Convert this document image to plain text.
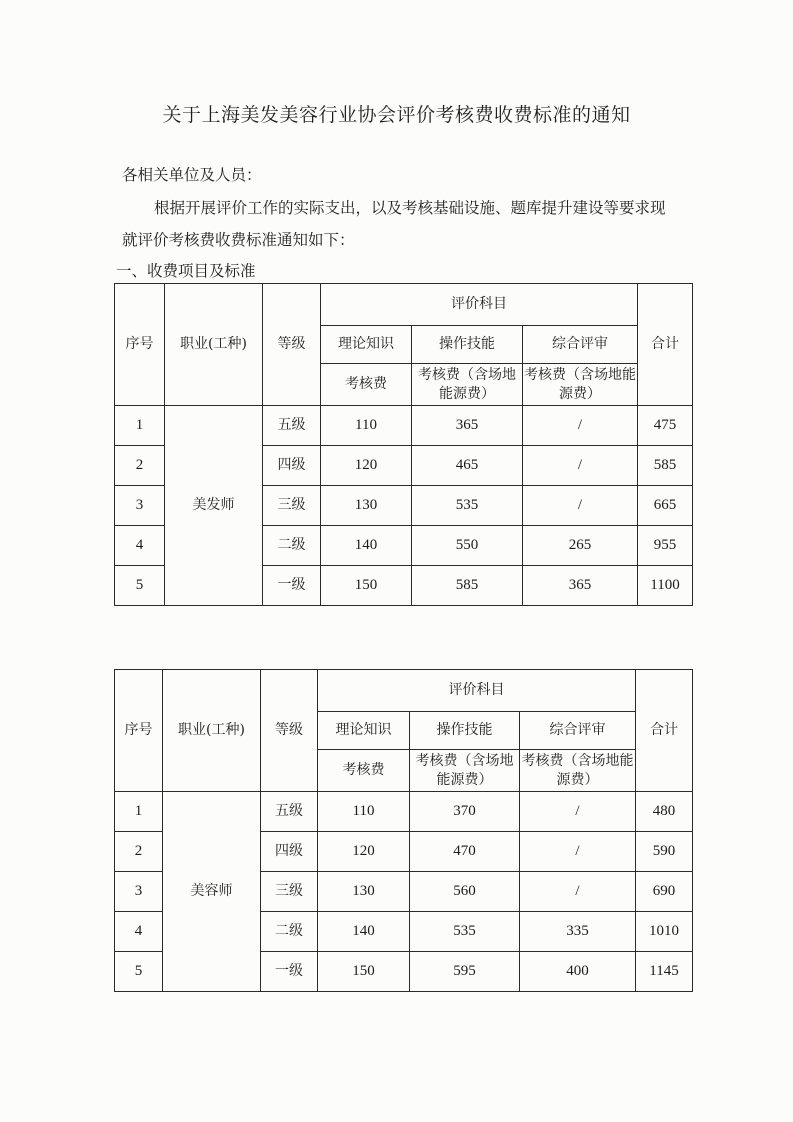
关于上海美发美容行业协会评价考核费收费标准的通知

各相关单位及人员：

根据开展评价工作的实际支出，以及考核基础设施、题库提升建设等要求现

就评价考核费收费标准通知如下：

一、收费项目及标准

序号	职业(工种)	等级	评价科目			合计
			理论知识	操作技能	综合评审	
			考核费	考核费（含场地能源费）	考核费（含场地能源费）	
1	美发师	五级	110	365	/	475
2		四级	120	465	/	585
3		三级	130	535	/	665
4		二级	140	550	265	955
5		一级	150	585	365	1100
序号	职业(工种)	等级	评价科目			合计
			理论知识	操作技能	综合评审	
			考核费	考核费（含场地能源费）	考核费（含场地能源费）	
1	美容师	五级	110	370	/	480
2		四级	120	470	/	590
3		三级	130	560	/	690
4		二级	140	535	335	1010
5		一级	150	595	400	1145
